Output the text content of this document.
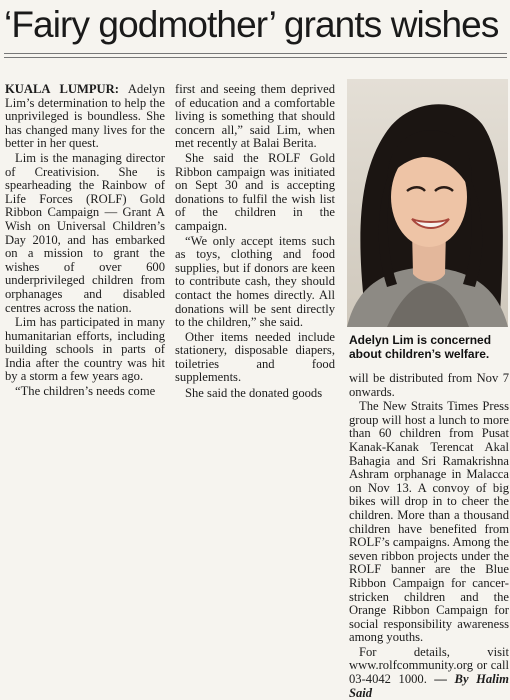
‘Fairy godmother’ grants wishes

KUALA LUMPUR: Adelyn Lim’s determination to help the unprivileged is boundless. She has changed many lives for the better in her quest.

Lim is the managing director of Creativision. She is spearheading the Rainbow of Life Forces (ROLF) Gold Ribbon Campaign — Grant A Wish on Universal Children’s Day 2010, and has embarked on a mission to grant the wishes of over 600 underprivileged children from orphanages and disabled centres across the nation.

Lim has participated in many humanitarian efforts, including building schools in parts of India after the country was hit by a storm a few years ago.

“The children’s needs come

first and seeing them deprived of education and a comfortable living is something that should concern all,” said Lim, when met recently at Balai Berita.

She said the ROLF Gold Ribbon campaign was initiated on Sept 30 and is accepting donations to fulfil the wish list of the children in the campaign.

“We only accept items such as toys, clothing and food supplies, but if donors are keen to contribute cash, they should contact the homes directly. All donations will be sent directly to the children,” she said.

Other items needed include stationery, disposable diapers, toiletries and food supplements.

She said the donated goods

Adelyn Lim is concerned about children’s welfare.

will be distributed from Nov 7 onwards.

The New Straits Times Press group will host a lunch to more than 60 children from Pusat Kanak-Kanak Terencat Akal Bahagia and Sri Ramakrishna Ashram orphanage in Malacca on Nov 13. A convoy of big bikes will drop in to cheer the children. More than a thousand children have benefited from ROLF’s campaigns. Among the seven ribbon projects under the ROLF banner are the Blue Ribbon Campaign for cancer-stricken children and the Orange Ribbon Campaign for social responsibility awareness among youths.

For details, visit www.rolfcommunity.org or call 03-4042 1000. — By Halim Said
